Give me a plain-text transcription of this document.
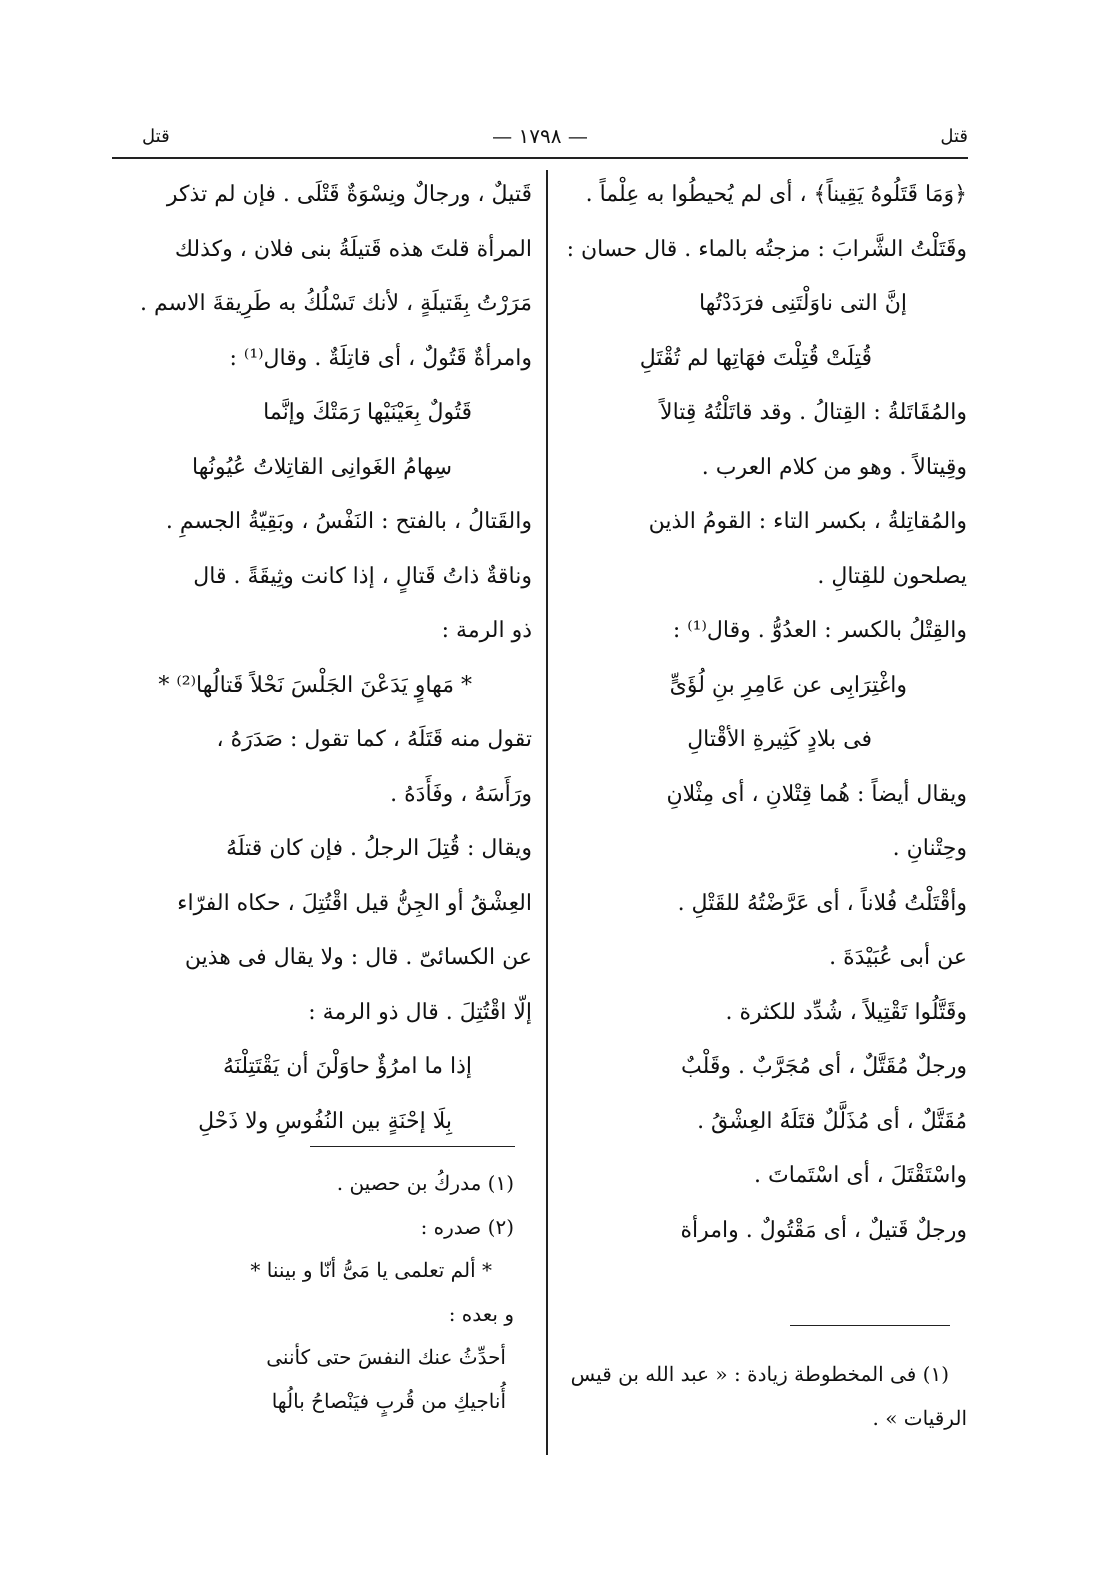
قتل
— ١٧٩٨ —
قتل
﴿وَمَا قَتَلُوهُ يَقِيناً﴾ ، أى لم يُحيطُوا به عِلْماً .
وقَتَلْتُ الشَّرابَ : مزجتُه بالماء . قال حسان :
إنَّ التى ناوَلْتَنِى فرَدَدْتُها
قُتِلَتْ قُتِلْتَ فهَاتِها لم تُقْتَلِ
والمُقَاتَلةُ : القِتالُ . وقد قاتَلْتُهُ قِتالاً
وقِيتالاً . وهو من كلام العرب .
والمُقاتِلةُ ، بكسر التاء : القومُ الذين
يصلحون للقِتالِ .
والقِتْلُ بالكسر : العدُوُّ . وقال⁽¹⁾ :
واغْتِرَابِى عن عَامِرِ بنِ لُؤَىٍّ
فى بلادٍ كَثِيرةِ الأقْتالِ
ويقال أيضاً : هُما قِتْلانِ ، أى مِثْلانِ
وحِتْنانِ .
وأقْتَلْتُ فُلاناً ، أى عَرَّضْتُهُ للقَتْلِ .
عن أبى عُبَيْدَةَ .
وقَتَّلُوا تَقْتِيلاً ، شُدِّد للكثرة .
ورجلٌ مُقَتَّلٌ ، أى مُجَرَّبٌ . وقَلْبٌ
مُقَتَّلٌ ، أى مُذَلَّلٌ قتَلَهُ العِشْقُ .
واسْتَقْتَلَ ، أى اسْتَماتَ .
ورجلٌ قَتيلٌ ، أى مَقْتُولٌ . وامرأة
(١) فى المخطوطة زيادة : « عبد الله بن قيس
الرقيات » .
قَتيلٌ ، ورجالٌ ونِسْوَةٌ قَتْلَى . فإن لم تذكر
المرأة قلتَ هذه قَتيلَةُ بنى فلان ، وكذلك
مَرَرْتُ بِقَتيلَةٍ ، لأنك تَسْلُكُ به طَرِيقةَ الاسم .
وامرأةٌ قَتُولٌ ، أى قاتِلَةٌ . وقال⁽¹⁾ :
قَتُولٌ بِعَيْنَيْها رَمَتْكَ وإنَّما
سِهامُ الغَوانِى القاتِلاتُ عُيُونُها
والقَتالُ ، بالفتح : النَفْسُ ، وبَقِيّةُ الجسمِ .
وناقةٌ ذاتُ قَتالٍ ، إذا كانت وثِيقَةً . قال
ذو الرمة :
* مَهاوٍ يَدَعْنَ الجَلْسَ نَحْلاً قَتالُها⁽²⁾ *
تقول منه قَتَلَهُ ، كما تقول : صَدَرَهُ ،
ورَأَسَهُ ، وفَأَدَهُ .
ويقال : قُتِلَ الرجلُ . فإن كان قتلَهُ
العِشْقُ أو الجِنُّ قيل اقْتُتِلَ ، حكاه الفرّاء
عن الكسائىّ . قال : ولا يقال فى هذين
إلّا اقْتُتِلَ . قال ذو الرمة :
إذا ما امرُؤٌ حاوَلْنَ أن يَقْتَتِلْنَهُ
بِلَا إحْنَةٍ بين النُفُوسِ ولا ذَحْلِ
(١) مدركُ بن حصين .
(٢) صدره :
* ألم تعلمى يا مَىُّ أنّا و بيننا *
و بعده :
أحدِّثُ عنك النفسَ حتى كأننى
أُناجيكِ من قُربٍ فيَنْصاحُ بالُها
